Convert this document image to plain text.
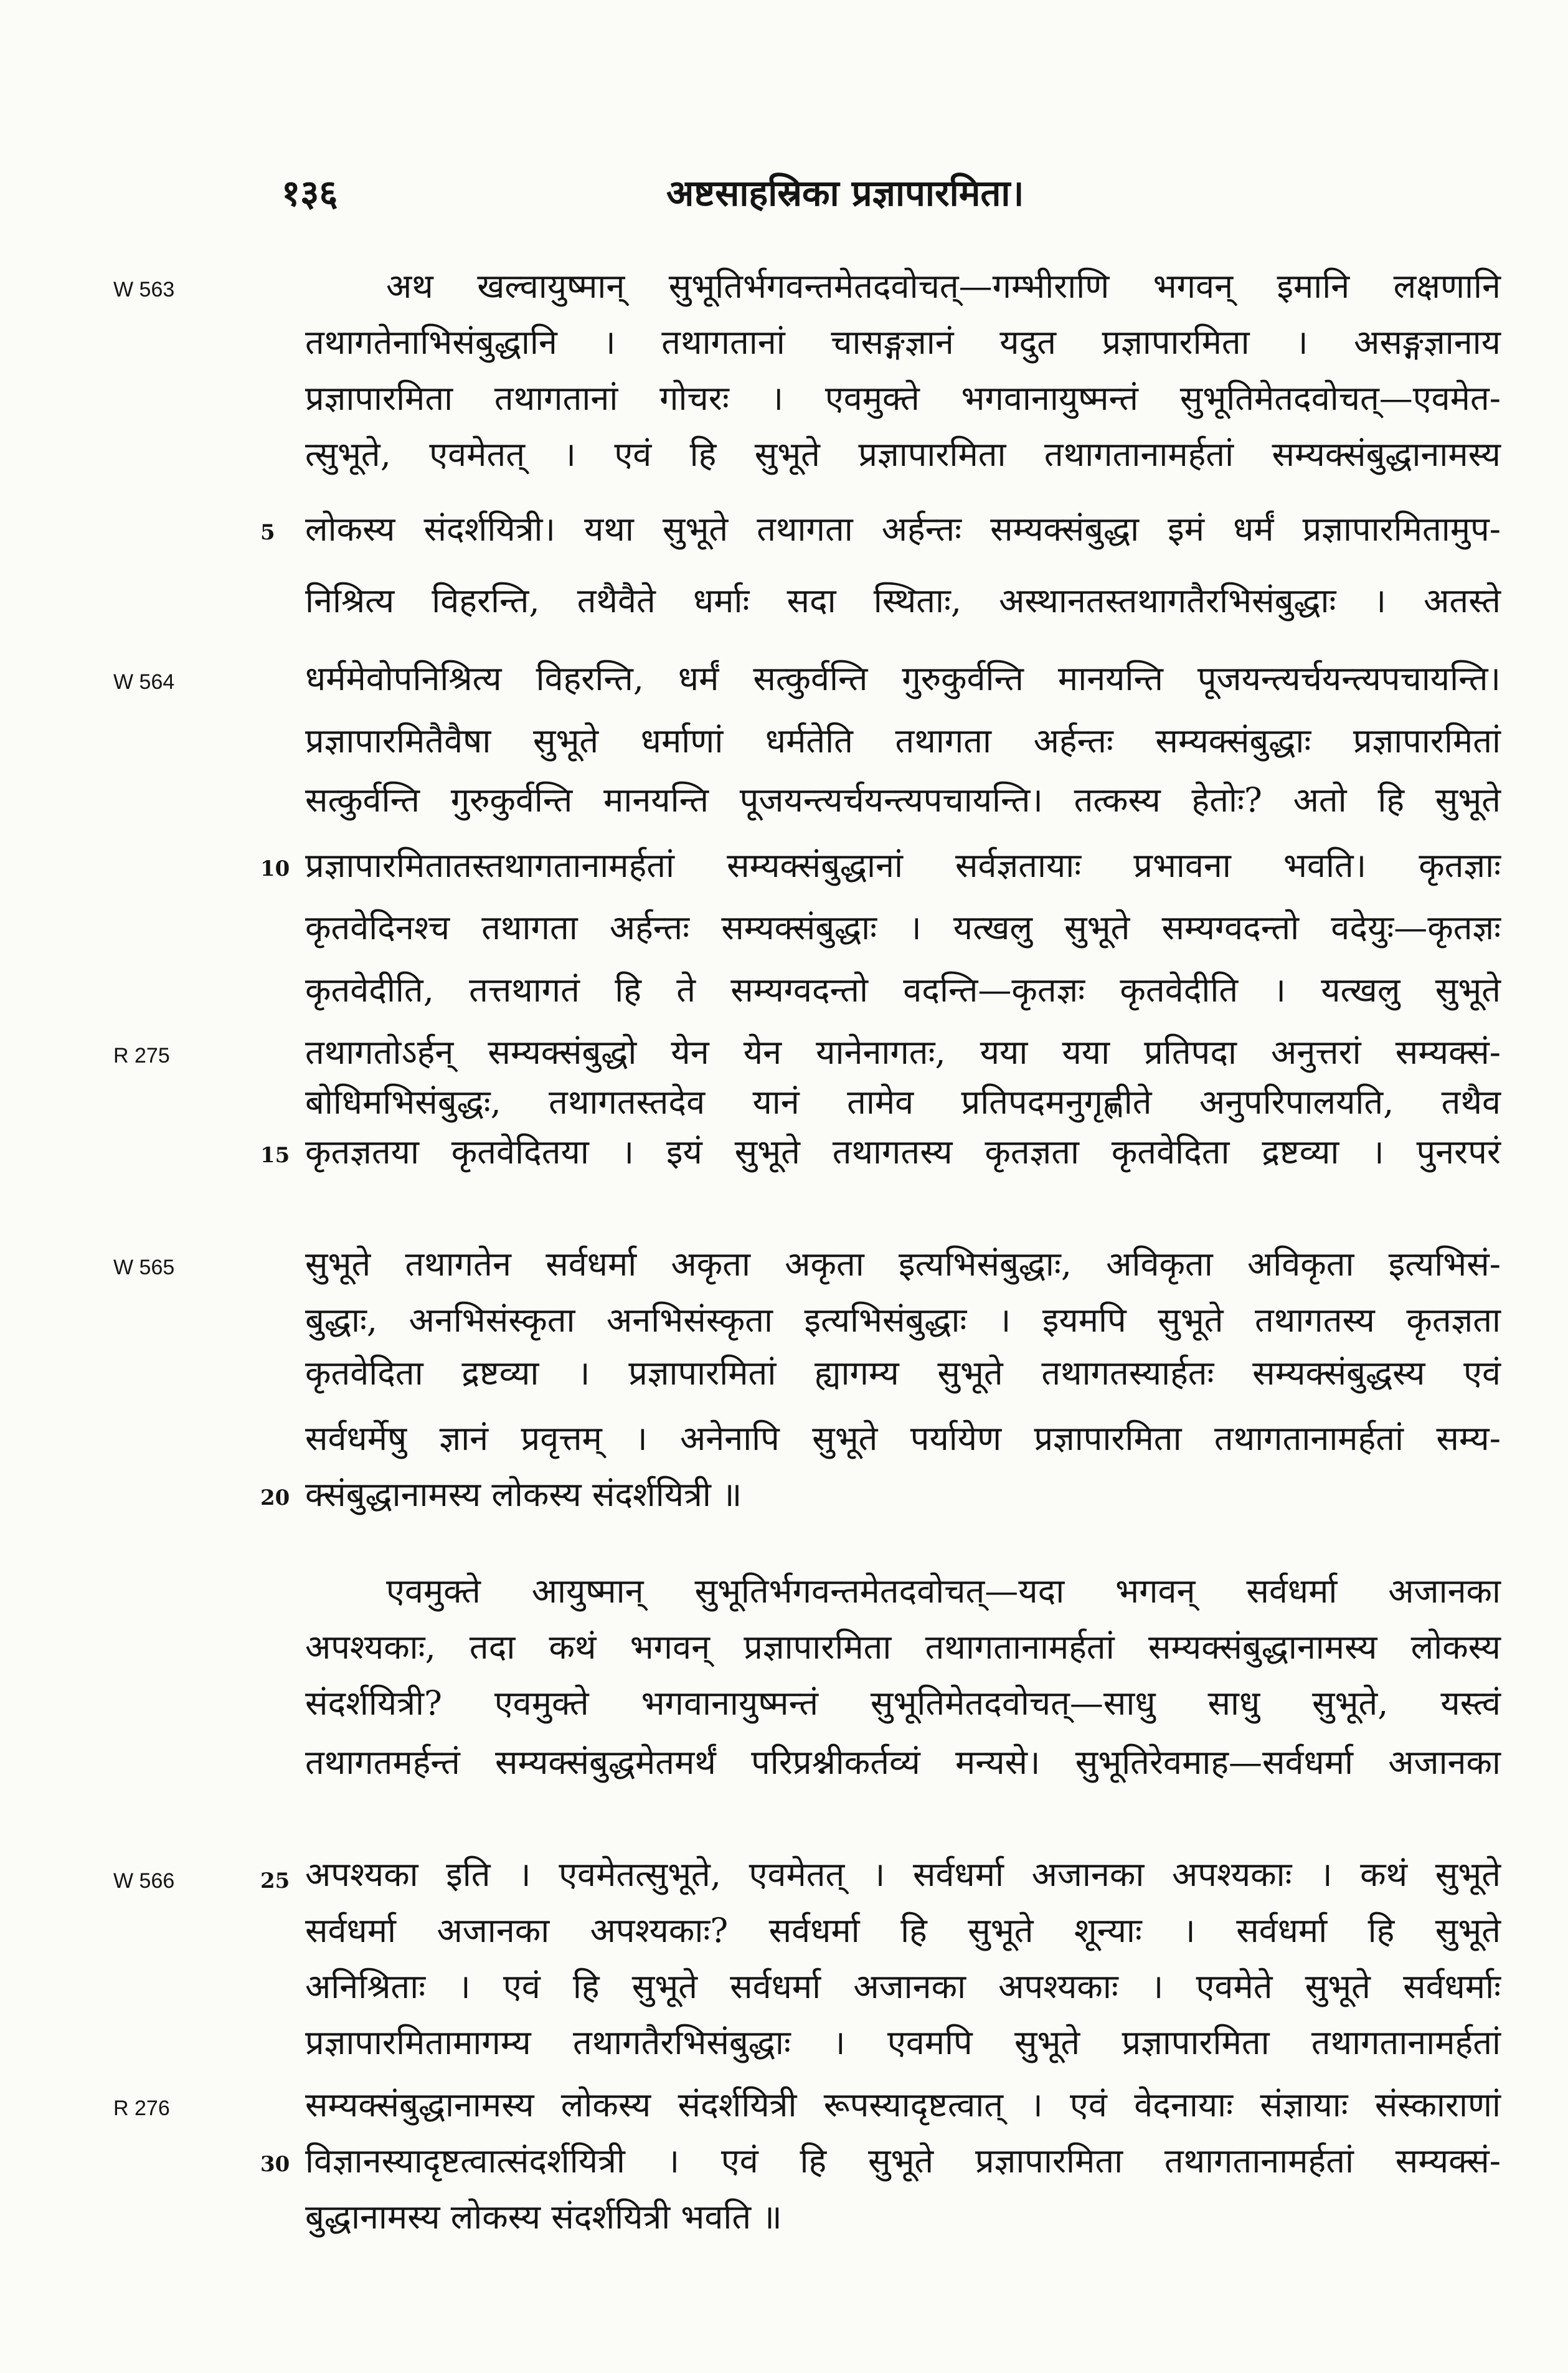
१३६	अष्टसाहस्रिका प्रज्ञापारमिता।
W 563
W 564
R 275
W 565
W 566
R 276
5
10
15
20
25
30
अथ खल्वायुष्मान् सुभूतिर्भगवन्तमेतदवोचत्—गम्भीराणि भगवन् इमानि लक्षणानि
तथागतेनाभिसंबुद्धानि । तथागतानां चासङ्गज्ञानं यदुत प्रज्ञापारमिता । असङ्गज्ञानाय
प्रज्ञापारमिता तथागतानां गोचरः । एवमुक्ते भगवानायुष्मन्तं सुभूतिमेतदवोचत्—एवमेत-
त्सुभूते, एवमेतत् । एवं हि सुभूते प्रज्ञापारमिता तथागतानामर्हतां सम्यक्संबुद्धानामस्य
लोकस्य संदर्शयित्री। यथा सुभूते तथागता अर्हन्तः सम्यक्संबुद्धा इमं धर्मं प्रज्ञापारमितामुप-
निश्रित्य विहरन्ति, तथैवैते धर्माः सदा स्थिताः, अस्थानतस्तथागतैरभिसंबुद्धाः । अतस्ते
धर्ममेवोपनिश्रित्य विहरन्ति, धर्मं सत्कुर्वन्ति गुरुकुर्वन्ति मानयन्ति पूजयन्त्यर्चयन्त्यपचायन्ति।
प्रज्ञापारमितैवैषा सुभूते धर्माणां धर्मतेति तथागता अर्हन्तः सम्यक्संबुद्धाः प्रज्ञापारमितां
सत्कुर्वन्ति गुरुकुर्वन्ति मानयन्ति पूजयन्त्यर्चयन्त्यपचायन्ति। तत्कस्य हेतोः? अतो हि सुभूते
प्रज्ञापारमितातस्तथागतानामर्हतां सम्यक्संबुद्धानां सर्वज्ञतायाः प्रभावना भवति। कृतज्ञाः
कृतवेदिनश्च तथागता अर्हन्तः सम्यक्संबुद्धाः । यत्खलु सुभूते सम्यग्वदन्तो वदेयुः—कृतज्ञः
कृतवेदीति, तत्तथागतं हि ते सम्यग्वदन्तो वदन्ति—कृतज्ञः कृतवेदीति । यत्खलु सुभूते
तथागतोऽर्हन् सम्यक्संबुद्धो येन येन यानेनागतः, यया यया प्रतिपदा अनुत्तरां सम्यक्सं-
बोधिमभिसंबुद्धः, तथागतस्तदेव यानं तामेव प्रतिपदमनुगृह्णीते अनुपरिपालयति, तथैव
कृतज्ञतया कृतवेदितया । इयं सुभूते तथागतस्य कृतज्ञता कृतवेदिता द्रष्टव्या । पुनरपरं
सुभूते तथागतेन सर्वधर्मा अकृता अकृता इत्यभिसंबुद्धाः, अविकृता अविकृता इत्यभिसं-
बुद्धाः, अनभिसंस्कृता अनभिसंस्कृता इत्यभिसंबुद्धाः । इयमपि सुभूते तथागतस्य कृतज्ञता
कृतवेदिता द्रष्टव्या । प्रज्ञापारमितां ह्यागम्य सुभूते तथागतस्यार्हतः सम्यक्संबुद्धस्य एवं
सर्वधर्मेषु ज्ञानं प्रवृत्तम् । अनेनापि सुभूते पर्यायेण प्रज्ञापारमिता तथागतानामर्हतां सम्य-
क्संबुद्धानामस्य लोकस्य संदर्शयित्री ॥
एवमुक्ते आयुष्मान् सुभूतिर्भगवन्तमेतदवोचत्—यदा भगवन् सर्वधर्मा अजानका
अपश्यकाः, तदा कथं भगवन् प्रज्ञापारमिता तथागतानामर्हतां सम्यक्संबुद्धानामस्य लोकस्य
संदर्शयित्री? एवमुक्ते भगवानायुष्मन्तं सुभूतिमेतदवोचत्—साधु साधु सुभूते, यस्त्वं
तथागतमर्हन्तं सम्यक्संबुद्धमेतमर्थं परिप्रश्नीकर्तव्यं मन्यसे। सुभूतिरेवमाह—सर्वधर्मा अजानका
अपश्यका इति । एवमेतत्सुभूते, एवमेतत् । सर्वधर्मा अजानका अपश्यकाः । कथं सुभूते
सर्वधर्मा अजानका अपश्यकाः? सर्वधर्मा हि सुभूते शून्याः । सर्वधर्मा हि सुभूते
अनिश्रिताः । एवं हि सुभूते सर्वधर्मा अजानका अपश्यकाः । एवमेते सुभूते सर्वधर्माः
प्रज्ञापारमितामागम्य तथागतैरभिसंबुद्धाः । एवमपि सुभूते प्रज्ञापारमिता तथागतानामर्हतां
सम्यक्संबुद्धानामस्य लोकस्य संदर्शयित्री रूपस्यादृष्टत्वात् । एवं वेदनायाः संज्ञायाः संस्काराणां
विज्ञानस्यादृष्टत्वात्संदर्शयित्री । एवं हि सुभूते प्रज्ञापारमिता तथागतानामर्हतां सम्यक्सं-
बुद्धानामस्य लोकस्य संदर्शयित्री भवति ॥
